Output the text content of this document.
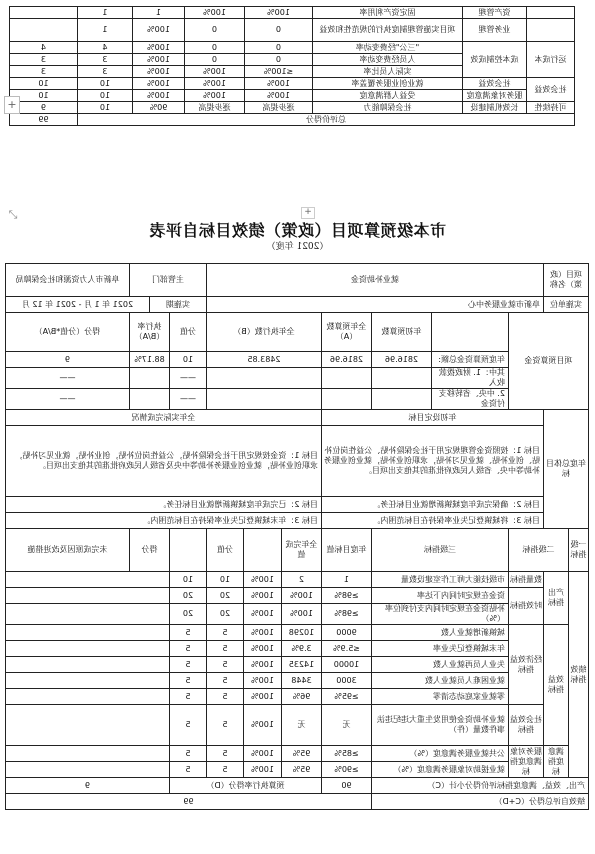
	资产管理	固定资产利用率	100%	100%	1	1	
	业务管理	项目实施管理制度执行的规范性和效益	0	0	100%	1	
运行成本	成本控制成效	"三公"经费变动率	0	0	100%	4	4
		人员经费变动率	0	0	100%	3	3
		实际人员比率	≤100%	100%	100%	3	3
社会效益	社会效益	就业创业服务覆盖率	100%	100%	100%	10	10
	服务对象满意度	受益人群满意度	100%	100%	100%	10	10
可持续性	长效机制建设	社会保障能力	逐步提高	逐步提高	90%	10	9
总评价得分							99
市本级预算项目（政策）绩效目标自评表
（2021 年度）
项目（政策）名称		就业补助资金							主管部门			阜新市人力资源和社会保障局
实施单位		阜新市就业服务中心							实施期		2021 年 1 月 - 2021 年 12 月	
项目预算资金				年初预算数	全年预算数（A）	全年执行数（B）			分值	执行率（B/A）		得分（分值*B/A）
			年度预算资金总额:	2816.96	2816.96	2483.85			10	88.17%		9
			其中：1. 财政拨款收入						——			——
			2. 中央、省转移支付资金						——			——
年度总体目标		年初设定目标				全年实际完成情况						
		目标 1：按照资金管理规定用于社会保险补贴、公益性岗位补贴、创业补贴、就业见习补贴，求职创业补贴，就业创业服务补助等中央、省级人民政府批准的其他支出项目。				目标 1：资金按规定用于社会保险补贴，公益性岗位补贴，创业补贴，就业见习补贴，求职创业补贴，就业创业服务补助等中央及省级人民政府批准的其他支出项目。						
		目标 2：确保完成年度城镇新增就业目标任务。				目标 2：已完成年度城镇新增就业目标任务。						
		目标 3：将城镇登记失业率保持在目标范围内。				目标 3：年末城镇登记失业率保持在目标范围内。						
一级指标	二级指标		三级指标		年度目标值	全年完成值		分值		得分		未完成原因及改进措施
绩效指标	产出指标	数量指标	市级技能大师工作室建设数量		1	2	100%	10	10			
		时效指标	资金在规定时间内下达率		≥98%	100%	100%	20	20			
			补贴资金在规定时间内支付到位率（%）		≥98%	100%	100%	20	20			
	效益指标	经济效益指标	城镇新增就业人数		9000	10298	100%	5	5			
			年末城镇登记失业率		≤5.9%	3.9%	100%	5	5			
			失业人员再就业人数		10000	14235	100%	5	5			
			就业困难人员就业人数		3000	3448	100%	5	5			
			零就业家庭动态清零		≥95%	96%	100%	5	5			
		社会效益指标	就业补助资金使用发生重大违纪违法事件数量（件）		无	无	100%	5	5			
	满意度指标	服务对象满意度指标	公共就业服务满意度（%）		≥85%	95%	100%	5	5			
			就业援助对象服务满意度（%）		≥90%	95%	100%	5	5			
产出、效益、满意度指标评价得分小计（C）					90	预算执行率得分（D）				9		
绩效自评总得分（C+D）					99							
+
+
⤡
